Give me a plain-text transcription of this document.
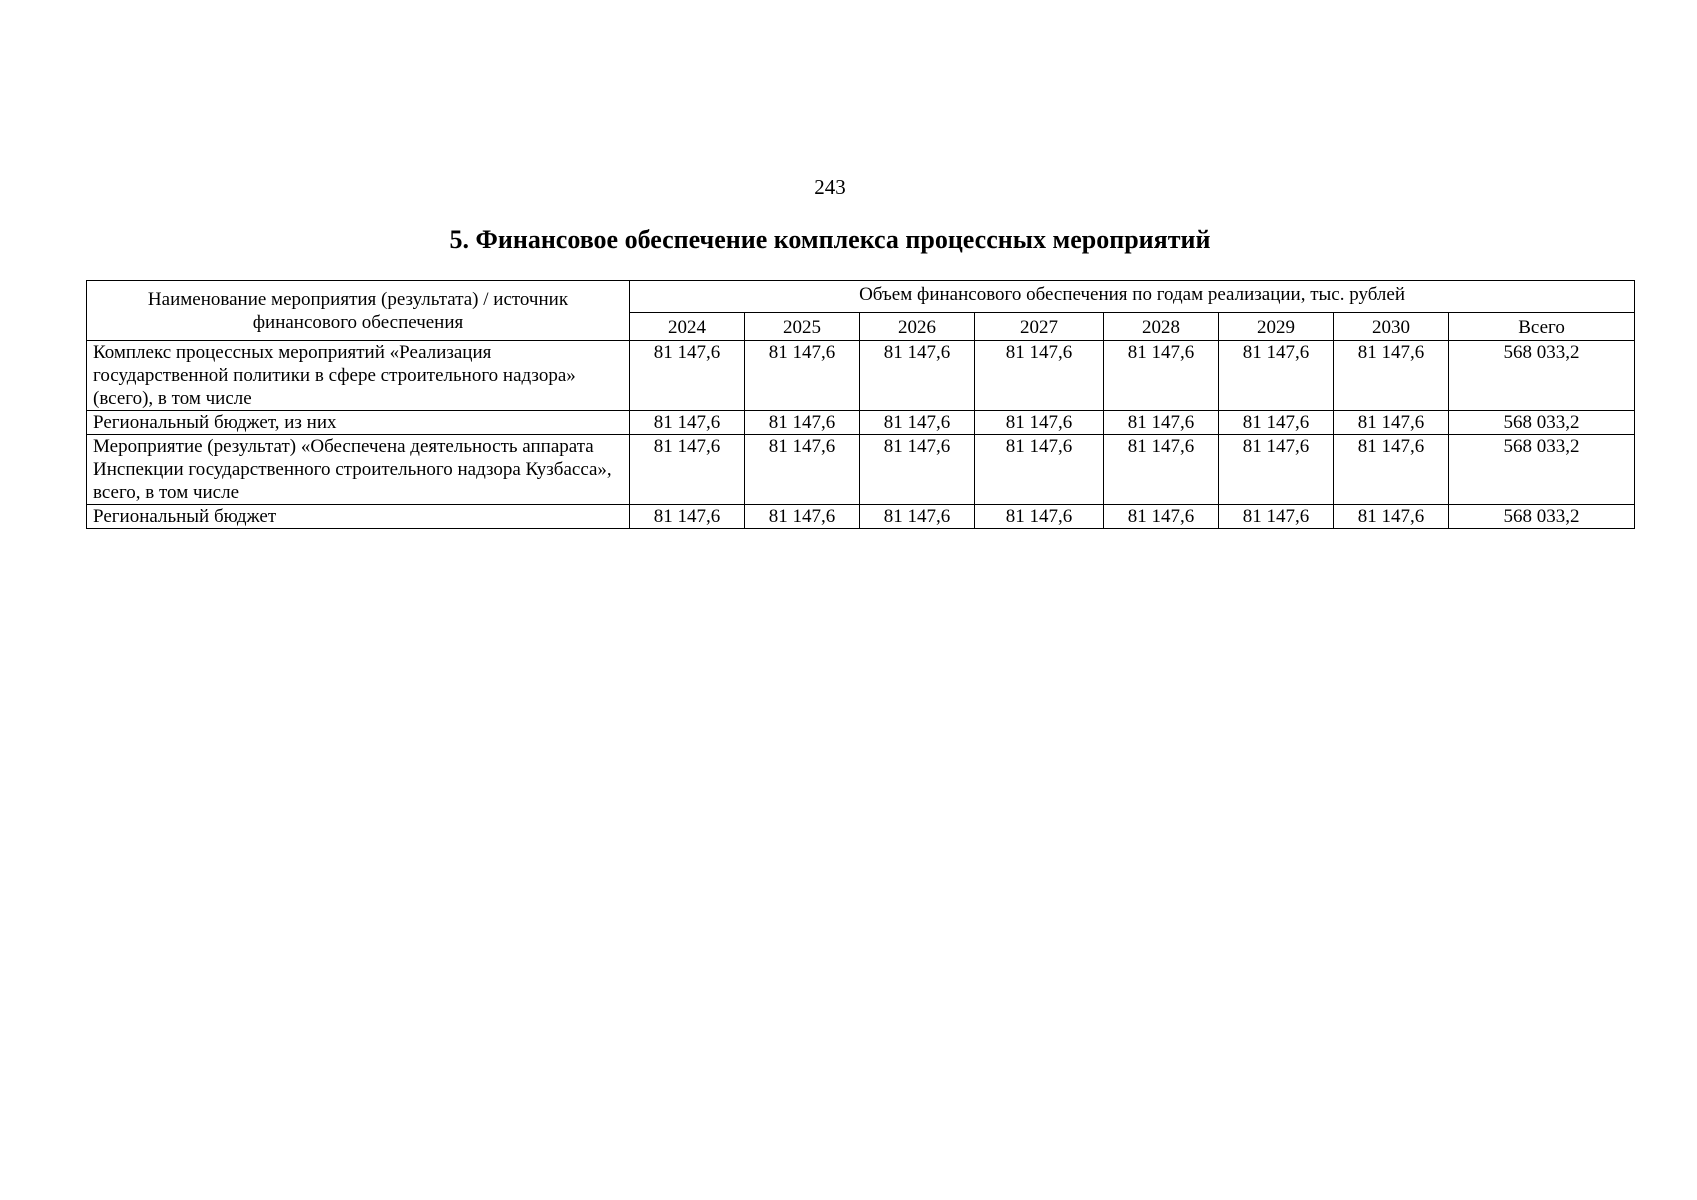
243
5. Финансовое обеспечение комплекса процессных мероприятий
Наименование мероприятия (результата) / источник финансового обеспечения	Объем финансового обеспечения по годам реализации, тыс. рублей							
	2024	2025	2026	2027	2028	2029	2030	Всего
Комплекс процессных мероприятий «Реализация государственной политики в сфере строительного надзора» (всего), в том числе	81 147,6	81 147,6	81 147,6	81 147,6	81 147,6	81 147,6	81 147,6	568 033,2
Региональный бюджет, из них	81 147,6	81 147,6	81 147,6	81 147,6	81 147,6	81 147,6	81 147,6	568 033,2
Мероприятие (результат) «Обеспечена деятельность аппарата Инспекции государственного строительного надзора Кузбасса», всего, в том числе	81 147,6	81 147,6	81 147,6	81 147,6	81 147,6	81 147,6	81 147,6	568 033,2
Региональный бюджет	81 147,6	81 147,6	81 147,6	81 147,6	81 147,6	81 147,6	81 147,6	568 033,2
